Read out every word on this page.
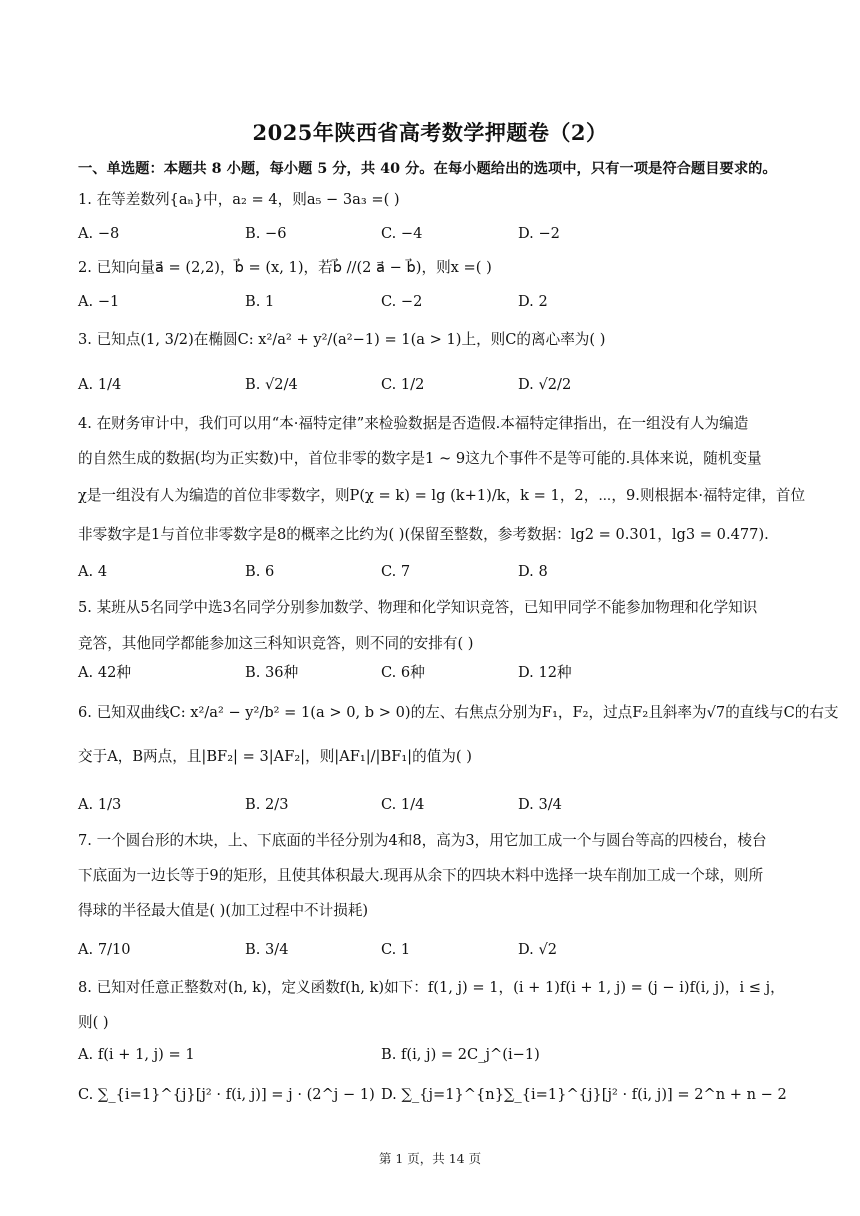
2025年陕西省高考数学押题卷（2）
一、单选题：本题共 8 小题，每小题 5 分，共 40 分。在每小题给出的选项中，只有一项是符合题目要求的。
1. 在等差数列{aₙ}中，a₂ = 4，则a₅ − 3a₃ =( )
A. −8	B. −6	C. −4	D. −2
2. 已知向量a⃗ = (2,2)，b⃗ = (x, 1)，若b⃗ //(2 a⃗ − b⃗)，则x =( )
A. −1	B. 1	C. −2	D. 2
3. 已知点(1, 3/2)在椭圆C: x²/a² + y²/(a²−1) = 1(a > 1)上，则C的离心率为( )
A. 1/4	B. √2/4	C. 1/2	D. √2/2
4. 在财务审计中，我们可以用“本·福特定律”来检验数据是否造假.本福特定律指出，在一组没有人为编造
的自然生成的数据(均为正实数)中，首位非零的数字是1 ~ 9这九个事件不是等可能的.具体来说，随机变量
χ是一组没有人为编造的首位非零数字，则P(χ = k) = lg (k+1)/k，k = 1，2，⋯，9.则根据本·福特定律，首位
非零数字是1与首位非零数字是8的概率之比约为( )(保留至整数，参考数据：lg2 = 0.301，lg3 = 0.477).
A. 4	B. 6	C. 7	D. 8
5. 某班从5名同学中选3名同学分别参加数学、物理和化学知识竞答，已知甲同学不能参加物理和化学知识
竞答，其他同学都能参加这三科知识竞答，则不同的安排有( )
A. 42种	B. 36种	C. 6种	D. 12种
6. 已知双曲线C: x²/a² − y²/b² = 1(a > 0, b > 0)的左、右焦点分别为F₁，F₂，过点F₂且斜率为√7的直线与C的右支
交于A，B两点，且|BF₂| = 3|AF₂|，则|AF₁|/|BF₁|的值为( )
A. 1/3	B. 2/3	C. 1/4	D. 3/4
7. 一个圆台形的木块，上、下底面的半径分别为4和8，高为3，用它加工成一个与圆台等高的四棱台，棱台
下底面为一边长等于9的矩形，且使其体积最大.现再从余下的四块木料中选择一块车削加工成一个球，则所
得球的半径最大值是( )(加工过程中不计损耗)
A. 7/10	B. 3/4	C. 1	D. √2
8. 已知对任意正整数对(h, k)，定义函数f(h, k)如下：f(1, j) = 1，(i + 1)f(i + 1, j) = (j − i)f(i, j)，i ≤ j，
则( )
A. f(i + 1, j) = 1	B. f(i, j) = 2C_j^(i−1)
C. ∑_{i=1}^{j}[j² · f(i, j)] = j · (2^j − 1) D. ∑_{j=1}^{n}∑_{i=1}^{j}[j² · f(i, j)] = 2^n + n − 2
第 1 页，共 14 页
